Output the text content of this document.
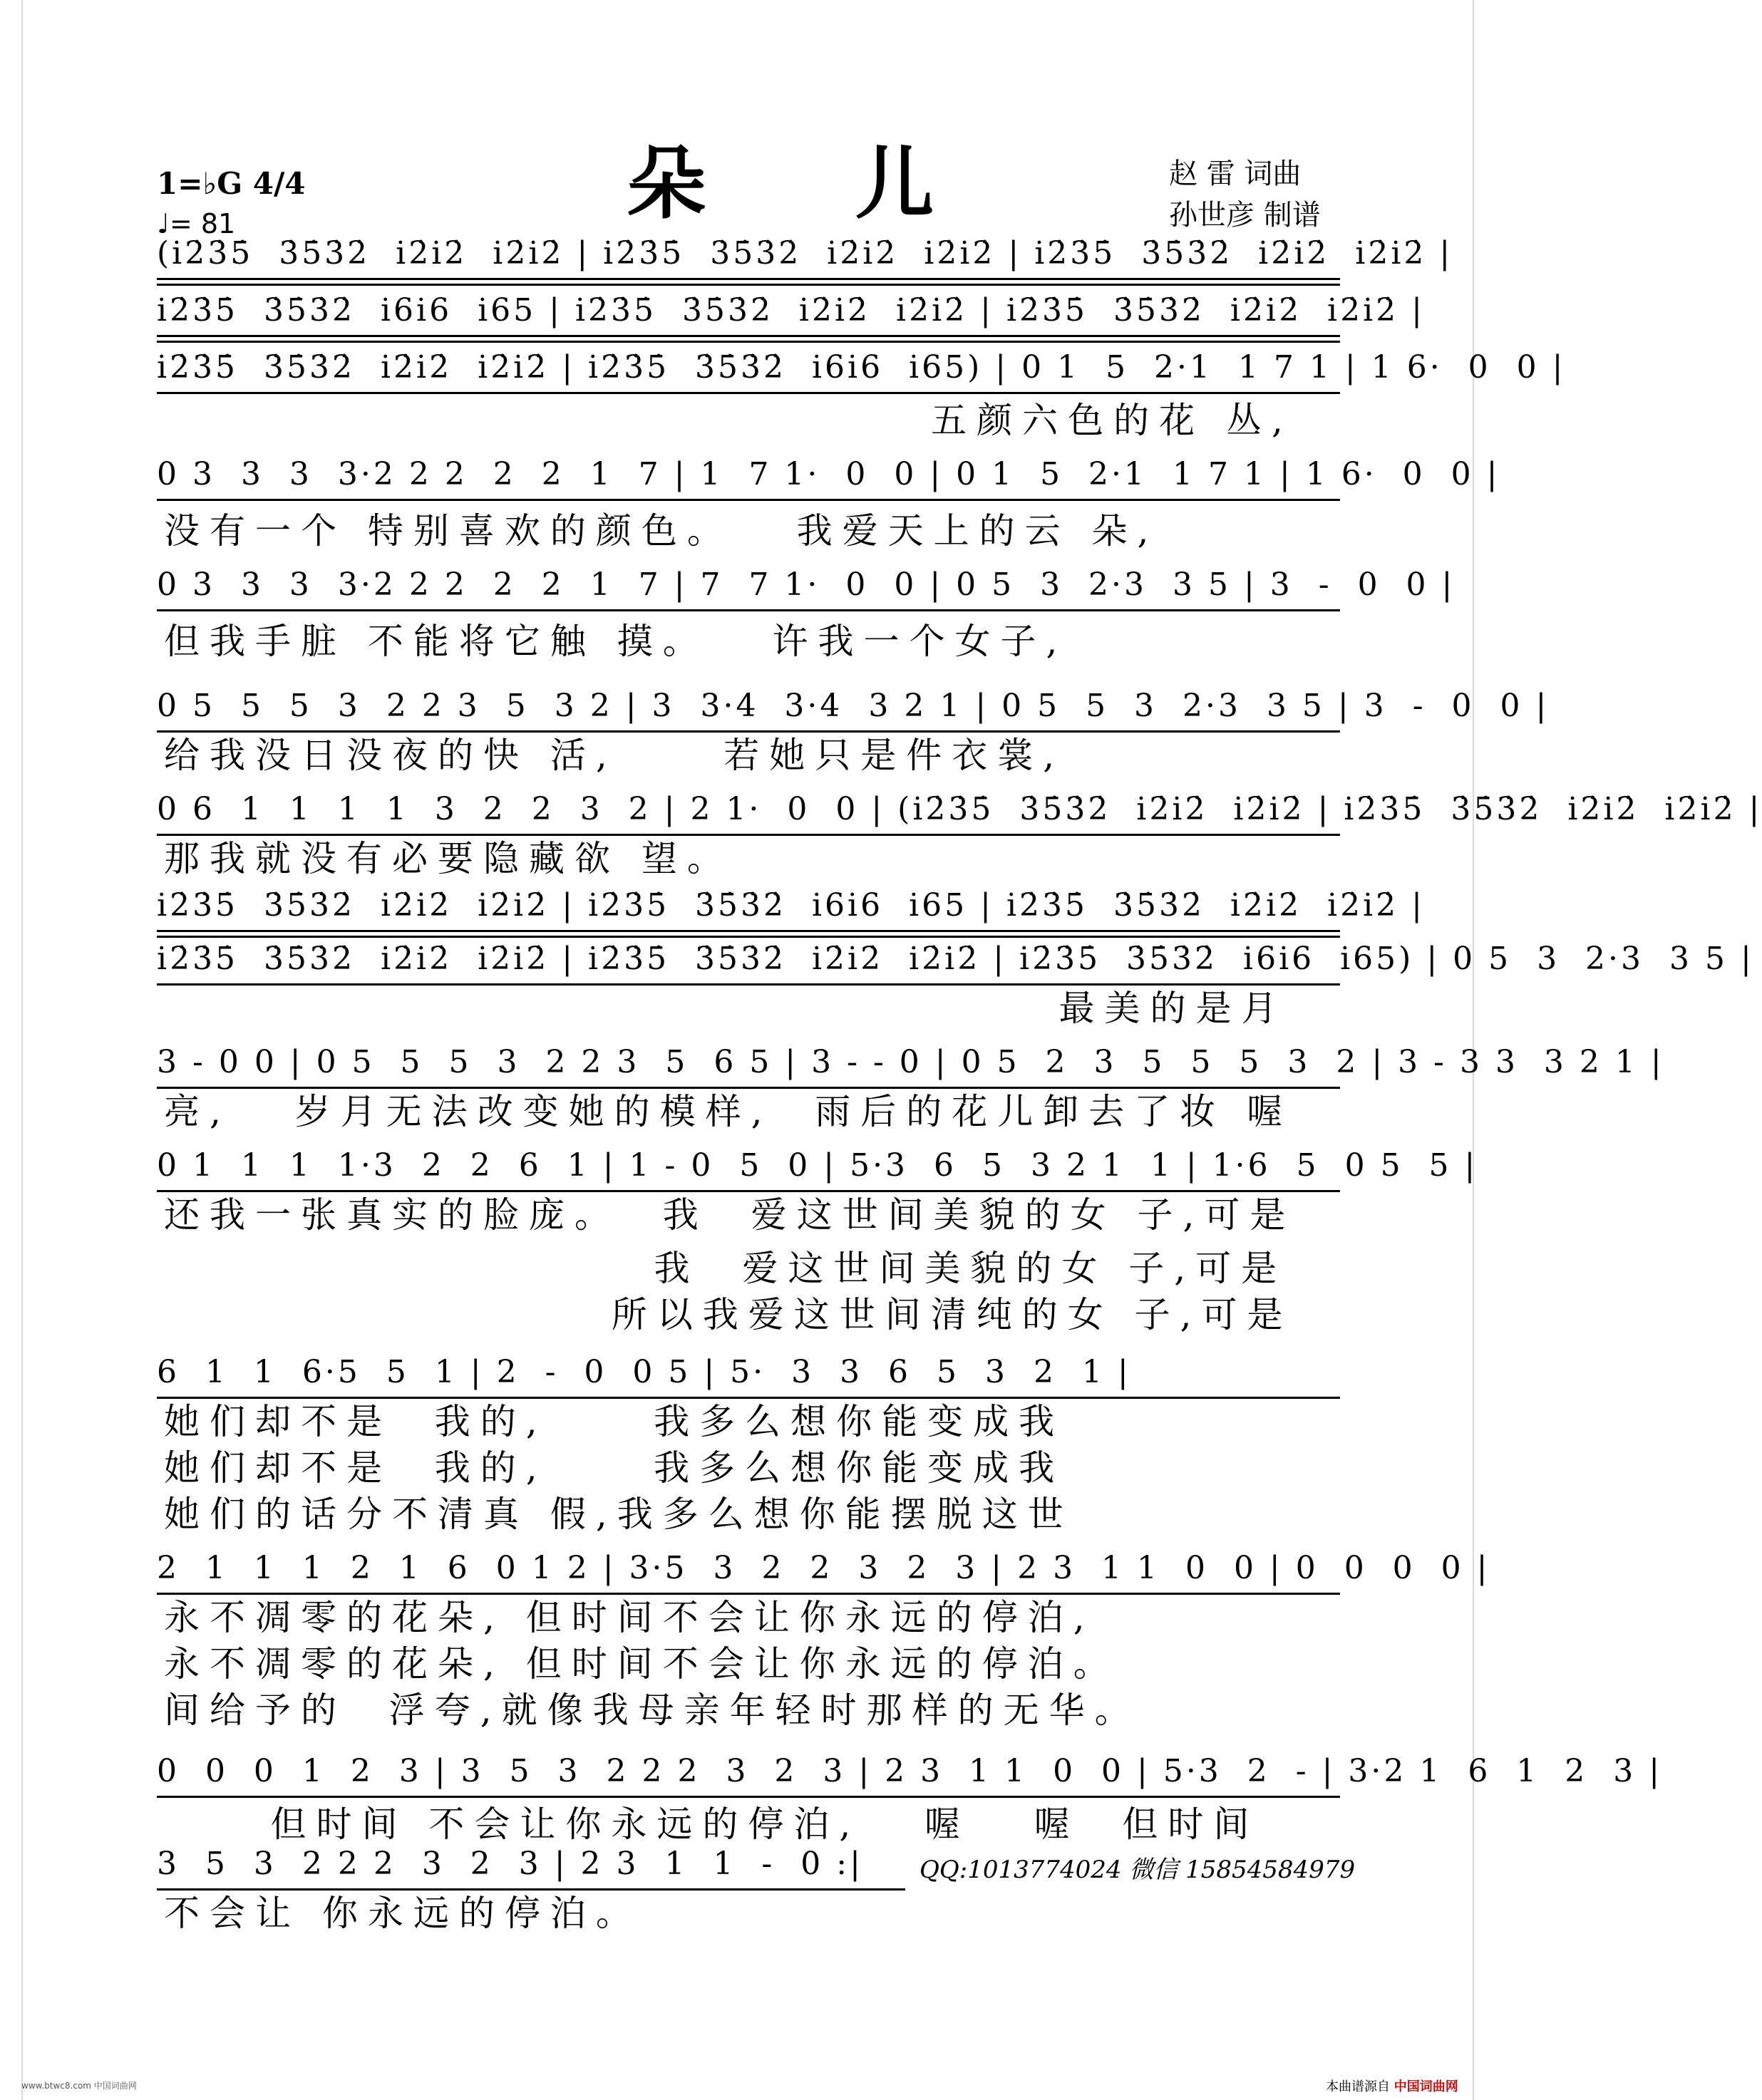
朵 儿	赵 雷 词曲
孙世彦 制谱
1=♭G 4/4
♩= 81
(i2̇3̇5̇  3̇5̇3̇2̇  i2̇i2̇  i2̇i2̇ | i2̇3̇5̇  3̇5̇3̇2̇  i2̇i2̇  i2̇i2̇ | i2̇3̇5̇  3̇5̇3̇2̇  i2̇i2̇  i2̇i2̇ |
i2̇3̇5̇  3̇5̇3̇2̇  i6i6  i65 | i2̇3̇5̇  3̇5̇3̇2̇  i2̇i2̇  i2̇i2̇ | i2̇3̇5̇  3̇5̇3̇2̇  i2̇i2̇  i2̇i2̇ |
i2̇3̇5̇  3̇5̇3̇2̇  i2̇i2̇  i2̇i2̇ | i2̇3̇5̇  3̇5̇3̇2̇  i6i6  i65) | 0 1  5  2·1  1 7 1 | 1 6·  0  0 |
五颜六色的花 丛,
0 3  3  3  3·2 2 2  2  2  1  7 | 1  7 1·  0  0 | 0 1  5  2·1  1 7 1 | 1 6·  0  0 |
没有一个 特别喜欢的颜色。   我爱天上的云 朵,
0 3  3  3  3·2 2 2  2  2  1  7 | 7  7 1·  0  0 | 0 5  3  2·3  3 5 | 3  -  0  0 |
但我手脏 不能将它触 摸。   许我一个女子,
0 5  5  5  3  2 2 3  5  3 2 | 3  3·4  3·4  3 2 1 | 0 5  5  3  2·3  3 5 | 3  -  0  0 |
给我没日没夜的快 活,     若她只是件衣裳,
0 6  1  1  1  1  3  2  2  3  2 | 2 1·  0  0 | (i2̇3̇5̇  3̇5̇3̇2̇  i2̇i2̇  i2̇i2̇ | i2̇3̇5̇  3̇5̇3̇2̇  i2̇i2̇  i2̇i2̇ |
那我就没有必要隐藏欲 望。
i2̇3̇5̇  3̇5̇3̇2̇  i2̇i2̇  i2̇i2̇ | i2̇3̇5̇  3̇5̇3̇2̇  i6i6  i65 | i2̇3̇5̇  3̇5̇3̇2̇  i2̇i2̇  i2̇i2̇ |
i2̇3̇5̇  3̇5̇3̇2̇  i2̇i2̇  i2̇i2̇ | i2̇3̇5̇  3̇5̇3̇2̇  i2̇i2̇  i2̇i2̇ | i2̇3̇5̇  3̇5̇3̇2̇  i6i6  i65) | 0 5  3  2·3  3 5 |
最美的是月
3 - 0 0 | 0 5  5  5  3  2 2 3  5  6 5 | 3 - - 0 | 0 5  2  3  5  5  5  3  2 | 3 - 3 3  3 2 1 |
亮,   岁月无法改变她的模样,  雨后的花儿卸去了妆 喔
0 1  1  1  1·3  2  2  6  1 | 1 - 0  5  0 | 5·3  6  5  3 2 1  1 | 1·6  5  0 5  5 |
还我一张真实的脸庞。  我  爱这世间美貌的女 子,可是
我  爱这世间美貌的女 子,可是
所以我爱这世间清纯的女 子,可是
6  1  1  6·5  5  1 | 2  -  0  0 5 | 5·  3  3  6  5  3  2  1 |
她们却不是  我的,     我多么想你能变成我
她们却不是  我的,     我多么想你能变成我
她们的话分不清真 假,我多么想你能摆脱这世
2  1  1  1  2  1  6  0 1 2 | 3·5  3  2  2  3  2  3 | 2 3  1 1  0  0 | 0  0  0  0 |
永不凋零的花朵, 但时间不会让你永远的停泊,
永不凋零的花朵, 但时间不会让你永远的停泊。
间给予的  浮夸,就像我母亲年轻时那样的无华。
0  0  0  1  2  3 | 3  5  3  2 2 2  3  2  3 | 2 3  1 1  0  0 | 5·3  2  - | 3·2 1  6  1  2  3 |
但时间 不会让你永远的停泊,   喔   喔  但时间
3  5  3  2 2 2  3  2  3 | 2 3  1  1  -  0 :|
不会让 你永远的停泊。
QQ:1013774024 微信 15854584979
www.btwc8.com 中国词曲网	本曲谱源自 中国词曲网
